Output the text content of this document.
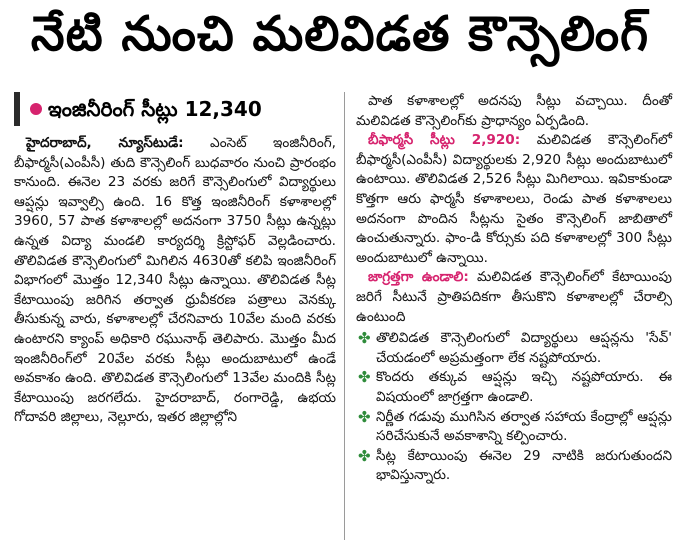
నేటి నుంచి మలివిడత కౌన్సెలింగ్
ఇంజినీరింగ్ సీట్లు 12,340

హైదరాబాద్, న్యూస్‌టుడే: ఎంసెట్ ఇంజినీరింగ్, బీఫార్మసీ(ఎంపీసీ) తుది కౌన్సెలింగ్ బుధవారం నుంచి ప్రారంభం కానుంది. ఈనెల 23 వరకు జరిగే కౌన్సెలింగులో విద్యార్థులు ఆప్షన్లు ఇవ్వాల్సి ఉంది. 16 కొత్త ఇంజినీరింగ్ కళాశాలల్లో 3960, 57 పాత కళాశాలల్లో అదనంగా 3750 సీట్లు ఉన్నట్లు ఉన్నత విద్యా మండలి కార్యదర్శి క్రిస్టోఫర్ వెల్లడించారు. తొలివిడత కౌన్సెలింగులో మిగిలిన 4630తో కలిపి ఇంజినీరింగ్ విభాగంలో మొత్తం 12,340 సీట్లు ఉన్నాయి. తొలివిడత సీట్ల కేటాయింపు జరిగిన తర్వాత ధ్రువీకరణ పత్రాలు వెనక్కు తీసుకున్న వారు, కళాశాలల్లో చేరనివారు 10వేల మంది వరకు ఉంటారని క్యాంప్ అధికారి రఘునాథ్ తెలిపారు. మొత్తం మీద ఇంజినీరింగ్‌లో 20వేల వరకు సీట్లు అందుబాటులో ఉండే అవకాశం ఉంది. తొలివిడత కౌన్సెలింగులో 13వేల మందికి సీట్ల కేటాయింపు జరగలేదు. హైదరాబాద్, రంగారెడ్డి, ఉభయ గోదావరి జిల్లాలు, నెల్లూరు, ఇతర జిల్లాల్లోని

పాత కళాశాలల్లో అదనపు సీట్లు వచ్చాయి. దీంతో మలివిడత కౌన్సెలింగ్‌కు ప్రాధాన్యం ఏర్పడింది.

బీఫార్మసీ సీట్లు 2,920: మలివిడత కౌన్సెలింగ్‌లో బీఫార్మసీ(ఎంపీసీ) విద్యార్థులకు 2,920 సీట్లు అందుబాటులో ఉంటాయి. తొలివిడత 2,526 సీట్లు మిగిలాయి. ఇవికాకుండా కొత్తగా ఆరు ఫార్మసీ కళాశాలలు, రెండు పాత కళాశాలలు అదనంగా పొందిన సీట్లను సైతం కౌన్సెలింగ్ జాబితాలో ఉంచుతున్నారు. ఫాం-డి కోర్సుకు పది కళాశాలల్లో 300 సీట్లు అందుబాటులో ఉన్నాయి.

జాగ్రత్తగా ఉండాలి: మలివిడత కౌన్సెలింగ్‌లో కేటాయింపు జరిగే సీటునే ప్రాతిపదికగా తీసుకొని కళాశాలల్లో చేరాల్సి ఉంటుంది

✤ తొలివిడత కౌన్సెలింగులో విద్యార్థులు ఆప్షన్లను 'సేవ్' చేయడంలో అప్రమత్తంగా లేక నష్టపోయారు.
✤ కొందరు తక్కువ ఆప్షన్లు ఇచ్చి నష్టపోయారు. ఈ విషయంలో జాగ్రత్తగా ఉండాలి.
✤ నిర్ణీత గడువు ముగిసిన తర్వాత సహాయ కేంద్రాల్లో ఆప్షన్లు సరిచేసుకునే అవకాశాన్ని కల్పించారు.
✤ సీట్ల కేటాయింపు ఈనెల 29 నాటికి జరుగుతుందని భావిస్తున్నారు.
